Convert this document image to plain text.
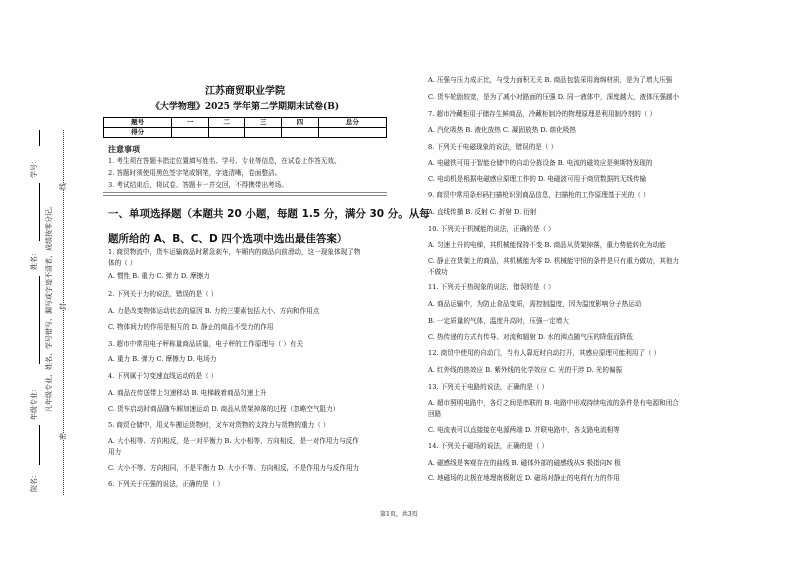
学号：
姓名：
年级专业：
院名：
凡年级专业、姓名、学号错写、漏写或字迹不清者，成绩按零分记。
密
封
线
江苏商贸职业学院
《大学物理》2025 学年第二学期期末试卷(B)
题号	一	二	三	四	总分
得分					
注意事项
1. 考生须在答题卡指定位置填写姓名、学号、专业等信息，在试卷上作答无效。
2. 答题时须使用黑色签字笔或钢笔，字迹清晰，卷面整洁。
3. 考试结束后，将试卷、答题卡一并交回，不得携带出考场。
一、单项选择题（本题共 20 小题，每题 1.5 分，满分 30 分。从每
题所给的 A、B、C、D 四个选项中选出最佳答案）
1. 商贸物流中，货车运输商品时紧急刹车，车厢内的商品向前滑动，这一现象体现了物
体的（ ）
A. 惯性 B. 重力 C. 弹力 D. 摩擦力
2. 下列关于力的说法，错误的是（ ）
A. 力是改变物体运动状态的原因 B. 力的三要素包括大小、方向和作用点
C. 物体间力的作用是相互的 D. 静止的商品不受力的作用
3. 超市中常用电子秤称量商品质量，电子秤的工作原理与（ ）有关
A. 重力 B. 弹力 C. 摩擦力 D. 电场力
4. 下列属于匀变速直线运动的是（ ）
A. 商品在传送带上匀速移动 B. 电梯载着商品匀速上升
C. 货车启动时商品随车厢加速运动 D. 商品从货架掉落的过程（忽略空气阻力）
5. 商贸仓储中，用叉车搬运货物时，叉车对货物的支持力与货物的重力（ ）
A. 大小相等、方向相反，是一对平衡力 B. 大小相等、方向相反，是一对作用力与反作
用力
C. 大小不等、方向相同，不是平衡力 D. 大小不等、方向相反，不是作用力与反作用力
6. 下列关于压强的说法，正确的是（ ）
A. 压强与压力成正比，与受力面积无关 B. 商品包装采用海绵材质，是为了增大压强
C. 货车轮胎较宽，是为了减小对路面的压强 D. 同一液体中，深度越大，液体压强越小
7. 超市冷藏柜用于储存生鲜商品，冷藏柜制冷的物理原理是利用制冷剂的（ ）
A. 汽化吸热 B. 液化放热 C. 凝固放热 D. 熔化吸热
8. 下列关于电磁现象的说法，错误的是（ ）
A. 电磁铁可用于智能仓储中的自动分拣设备 B. 电流的磁效应是奥斯特发现的
C. 电动机是根据电磁感应原理工作的 D. 电磁波可用于商贸数据的无线传输
9. 商贸中常用条形码扫描枪识别商品信息，扫描枪的工作原理基于光的（ ）
A. 直线传播 B. 反射 C. 折射 D. 衍射
10. 下列关于机械能的说法，正确的是（ ）
A. 匀速上升的电梯，其机械能保持不变 B. 商品从货架掉落，重力势能转化为动能
C. 静止在货架上的商品，其机械能为零 D. 机械能守恒的条件是只有重力做功，其他力
不做功
11. 下列关于热现象的说法，错误的是（ ）
A. 商品运输中，为防止食品变质，需控制温度，因为温度影响分子热运动
B. 一定质量的气体，温度升高时，压强一定增大
C. 热传递的方式有传导、对流和辐射 D. 水的沸点随气压的降低而降低
12. 商贸中使用的自动门，当有人靠近时自动打开，其感应原理可能利用了（ ）
A. 红外线的热效应 B. 紫外线的化学效应 C. 光的干涉 D. 光的偏振
13. 下列关于电路的说法，正确的是（ ）
A. 超市照明电路中，各灯之间是串联的 B. 电路中形成持续电流的条件是有电源和闭合
回路
C. 电流表可以直接接在电源两端 D. 并联电路中，各支路电流相等
14. 下列关于磁场的说法，正确的是（ ）
A. 磁感线是客观存在的曲线 B. 磁体外部的磁感线从S 极指向N 极
C. 地磁场的北极在地理南极附近 D. 磁场对静止的电荷有力的作用
第1页，共3页
